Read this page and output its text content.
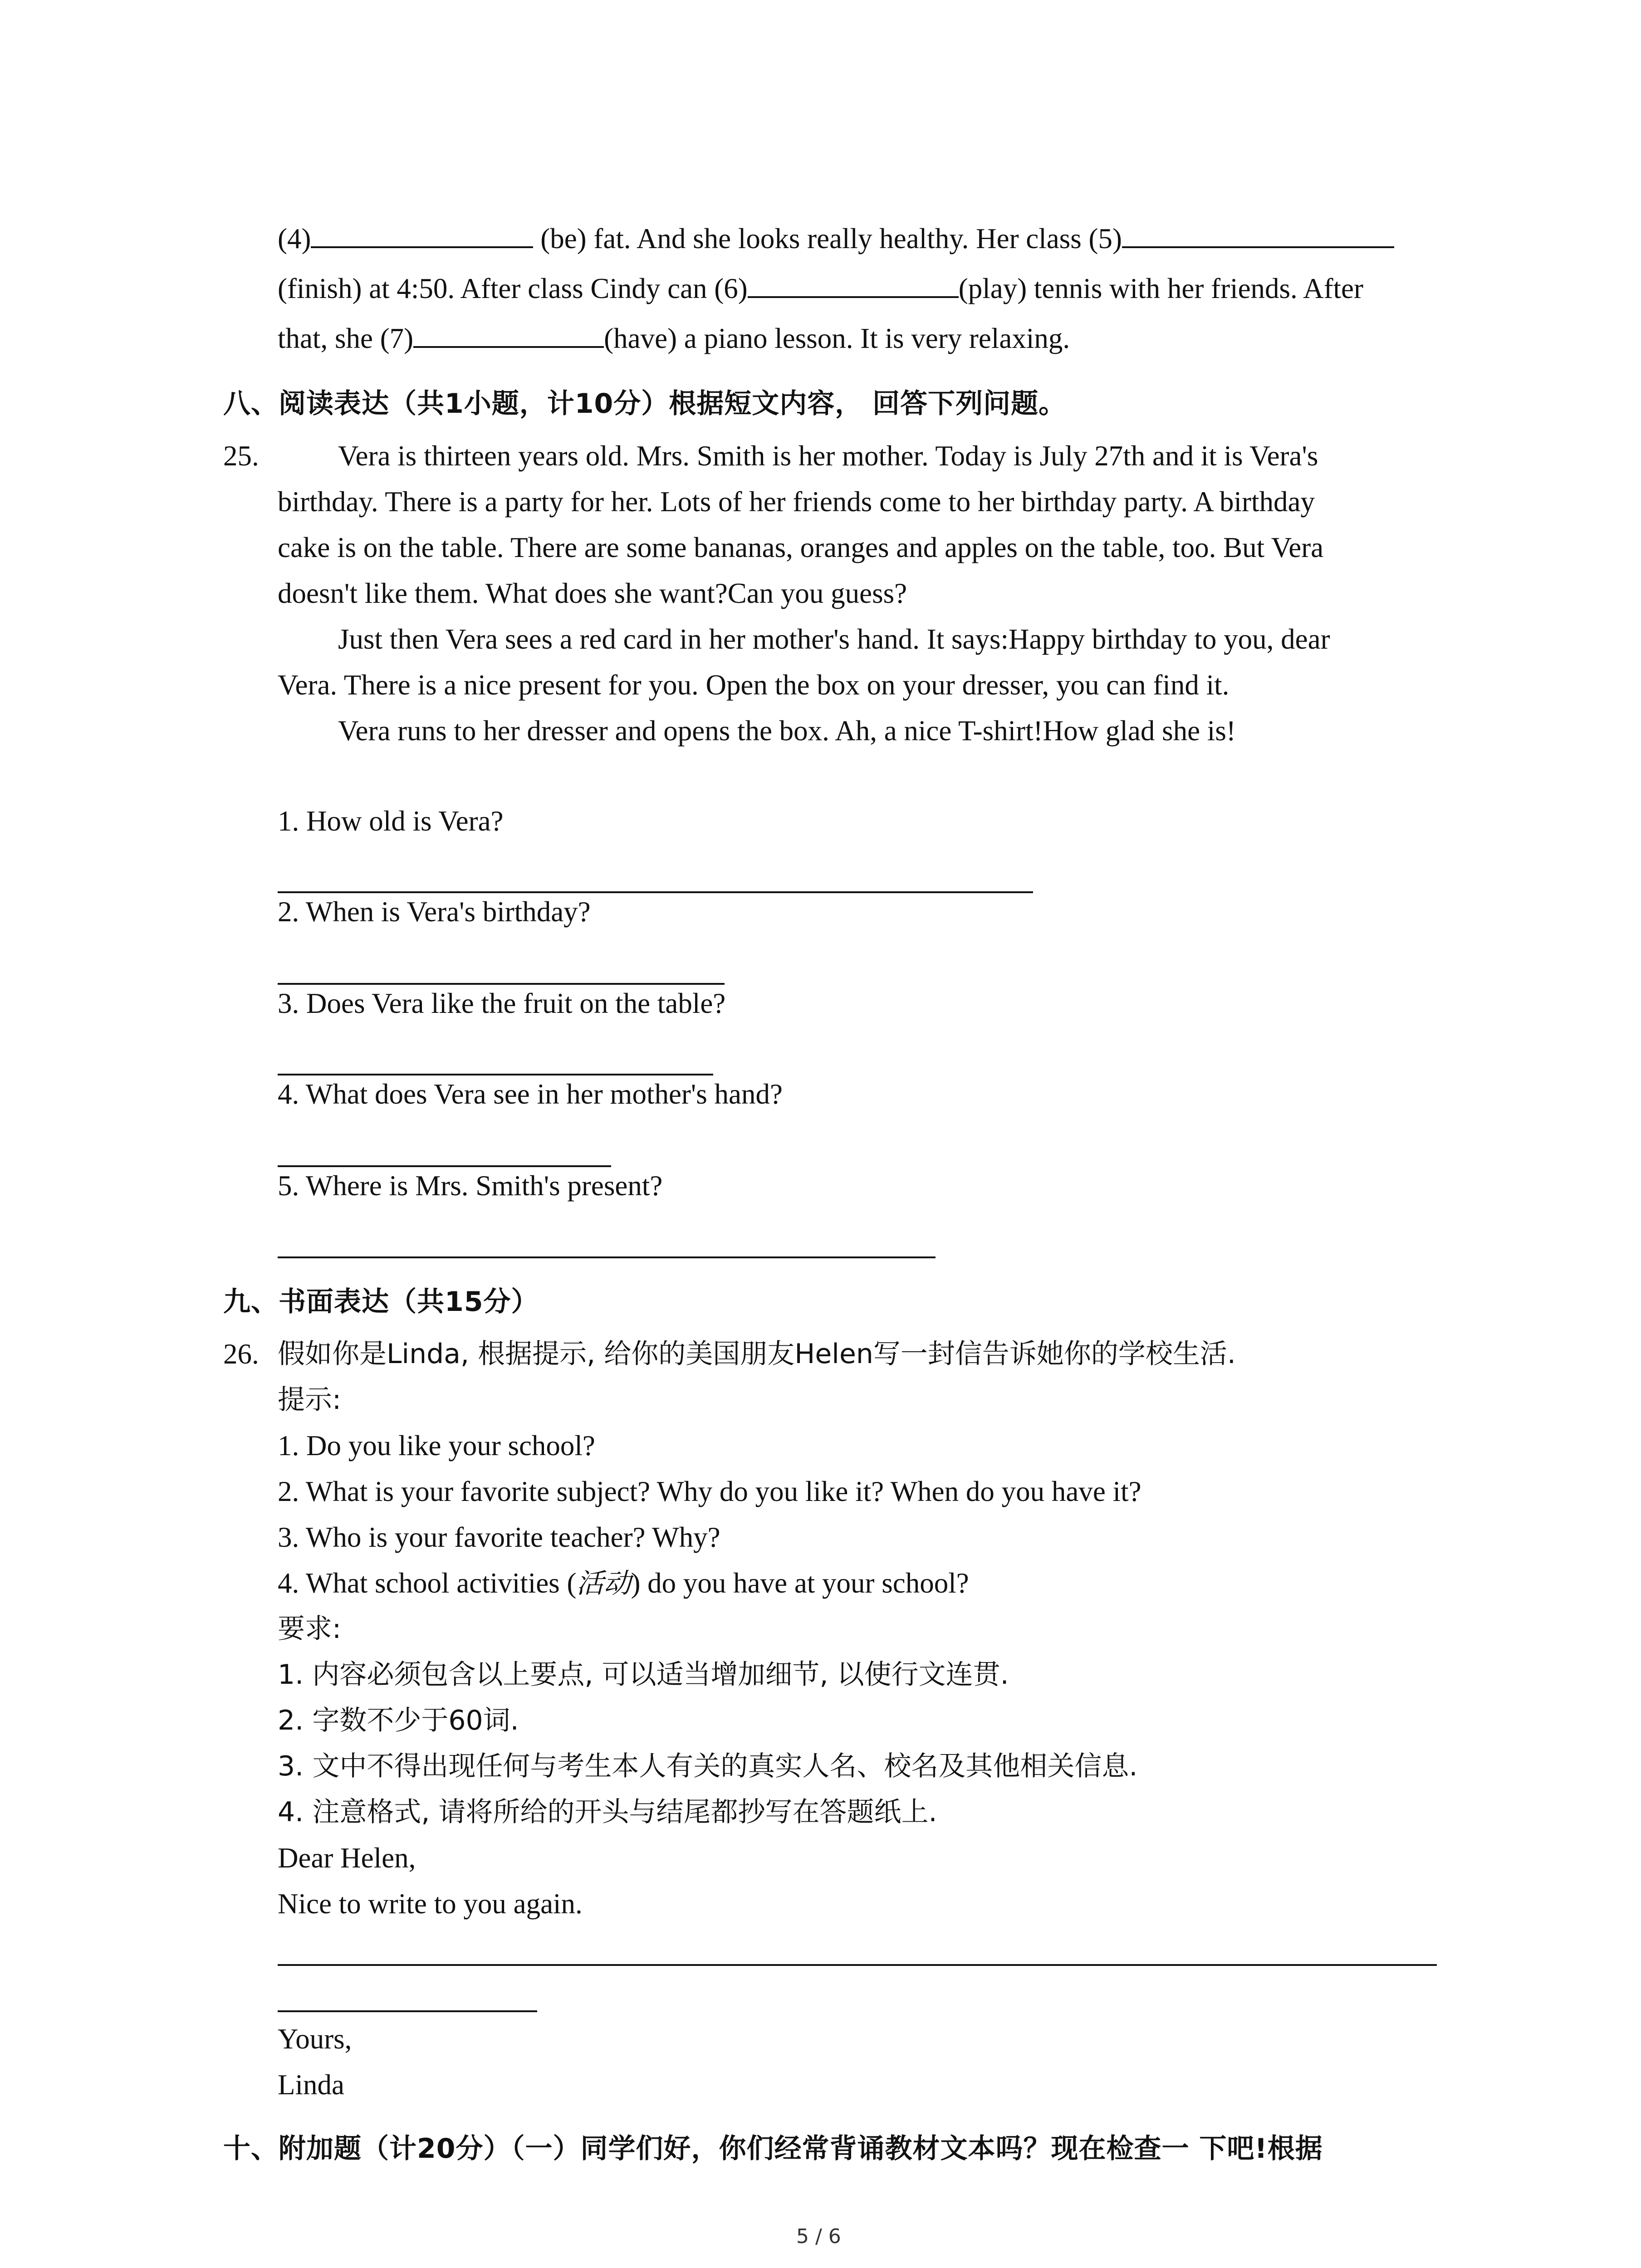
(4)	(be) fat. And she looks really healthy. Her class (5)
(finish) at 4:50. After class Cindy can (6)	(play) tennis with her friends. After
that, she (7)	(have) a piano lesson. It is very relaxing.
八、阅读表达（共1小题，计10分）根据短文内容， 回答下列问题。
25.	Vera is thirteen years old. Mrs. Smith is her mother. Today is July 27th and it is Vera's
birthday. There is a party for her. Lots of her friends come to her birthday party. A birthday
cake is on the table. There are some bananas, oranges and apples on the table, too. But Vera
doesn't like them. What does she want?Can you guess?
Just then Vera sees a red card in her mother's hand. It says:Happy birthday to you, dear
Vera. There is a nice present for you. Open the box on your dresser, you can find it.
Vera runs to her dresser and opens the box. Ah, a nice T-shirt!How glad she is!
1. How old is Vera?
2. When is Vera's birthday?
3. Does Vera like the fruit on the table?
4. What does Vera see in her mother's hand?
5. Where is Mrs. Smith's present?
九、书面表达（共15分）
26. 假如你是Linda, 根据提示, 给你的美国朋友Helen写一封信告诉她你的学校生活.
提示:
1. Do you like your school?
2. What is your favorite subject? Why do you like it? When do you have it?
3. Who is your favorite teacher? Why?
4. What school activities (活动) do you have at your school?
要求:
1. 内容必须包含以上要点, 可以适当增加细节, 以使行文连贯.
2. 字数不少于60词.
3. 文中不得出现任何与考生本人有关的真实人名、校名及其他相关信息.
4. 注意格式, 请将所给的开头与结尾都抄写在答题纸上.
Dear Helen,
Nice to write to you again.
Yours,
Linda
十、附加题（计20分）（一）同学们好，你们经常背诵教材文本吗？现在检查一 下吧!根据
5 / 6
